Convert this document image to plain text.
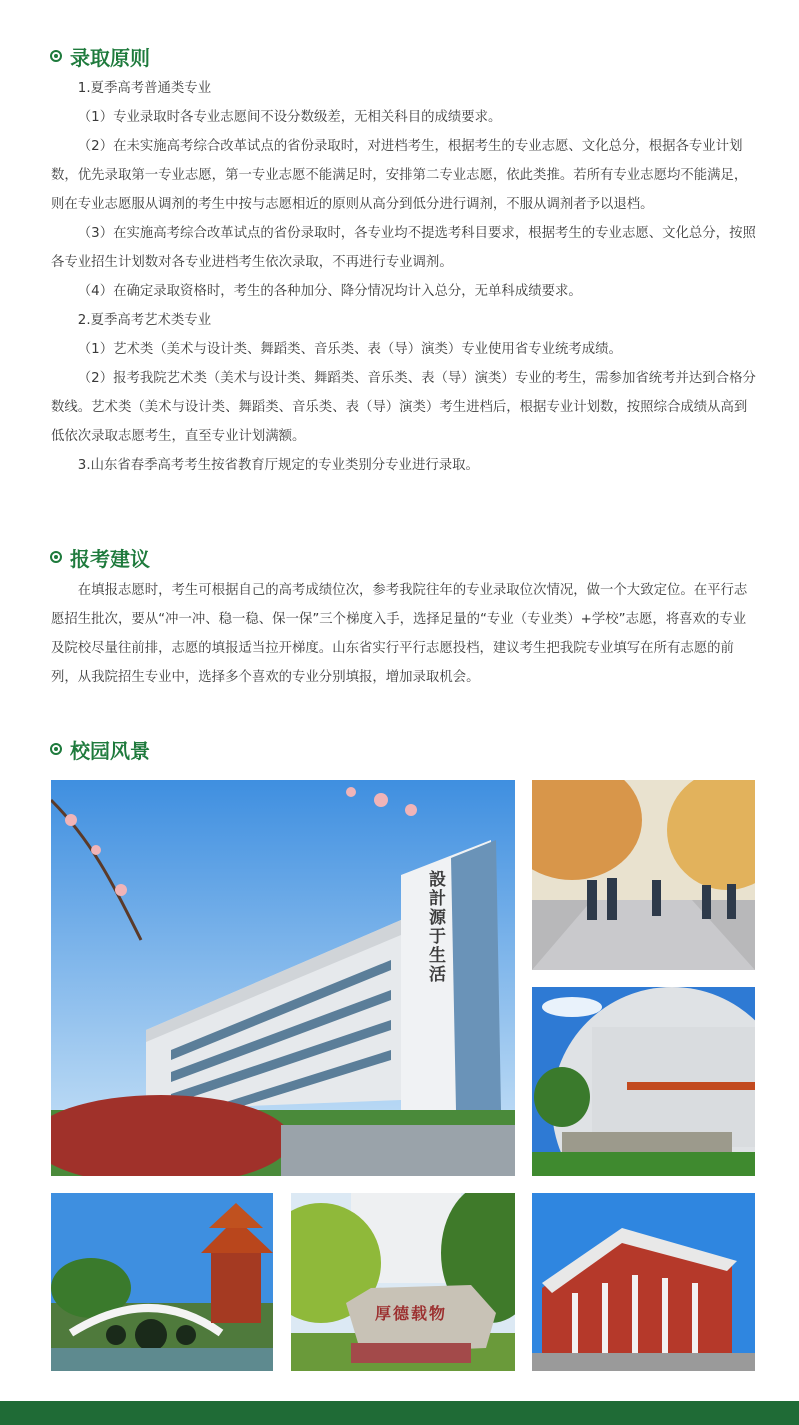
录取原则

1.夏季高考普通类专业

（1）专业录取时各专业志愿间不设分数级差，无相关科目的成绩要求。

（2）在未实施高考综合改革试点的省份录取时，对进档考生，根据考生的专业志愿、文化总分，根据各专业计划数，优先录取第一专业志愿，第一专业志愿不能满足时，安排第二专业志愿，依此类推。若所有专业志愿均不能满足，则在专业志愿服从调剂的考生中按与志愿相近的原则从高分到低分进行调剂，不服从调剂者予以退档。

（3）在实施高考综合改革试点的省份录取时，各专业均不提选考科目要求，根据考生的专业志愿、文化总分，按照各专业招生计划数对各专业进档考生依次录取，不再进行专业调剂。

（4）在确定录取资格时，考生的各种加分、降分情况均计入总分，无单科成绩要求。

2.夏季高考艺术类专业

（1）艺术类（美术与设计类、舞蹈类、音乐类、表（导）演类）专业使用省专业统考成绩。

（2）报考我院艺术类（美术与设计类、舞蹈类、音乐类、表（导）演类）专业的考生，需参加省统考并达到合格分数线。艺术类（美术与设计类、舞蹈类、音乐类、表（导）演类）考生进档后，根据专业计划数，按照综合成绩从高到低依次录取志愿考生，直至专业计划满额。

3.山东省春季高考考生按省教育厅规定的专业类别分专业进行录取。

报考建议

在填报志愿时，考生可根据自己的高考成绩位次，参考我院往年的专业录取位次情况，做一个大致定位。在平行志愿招生批次，要从“冲一冲、稳一稳、保一保”三个梯度入手，选择足量的“专业（专业类）+学校”志愿，将喜欢的专业及院校尽量往前排，志愿的填报适当拉开梯度。山东省实行平行志愿投档，建议考生把我院专业填写在所有志愿的前列，从我院招生专业中，选择多个喜欢的专业分别填报，增加录取机会。

校园风景
設計源于生活
厚德载物
